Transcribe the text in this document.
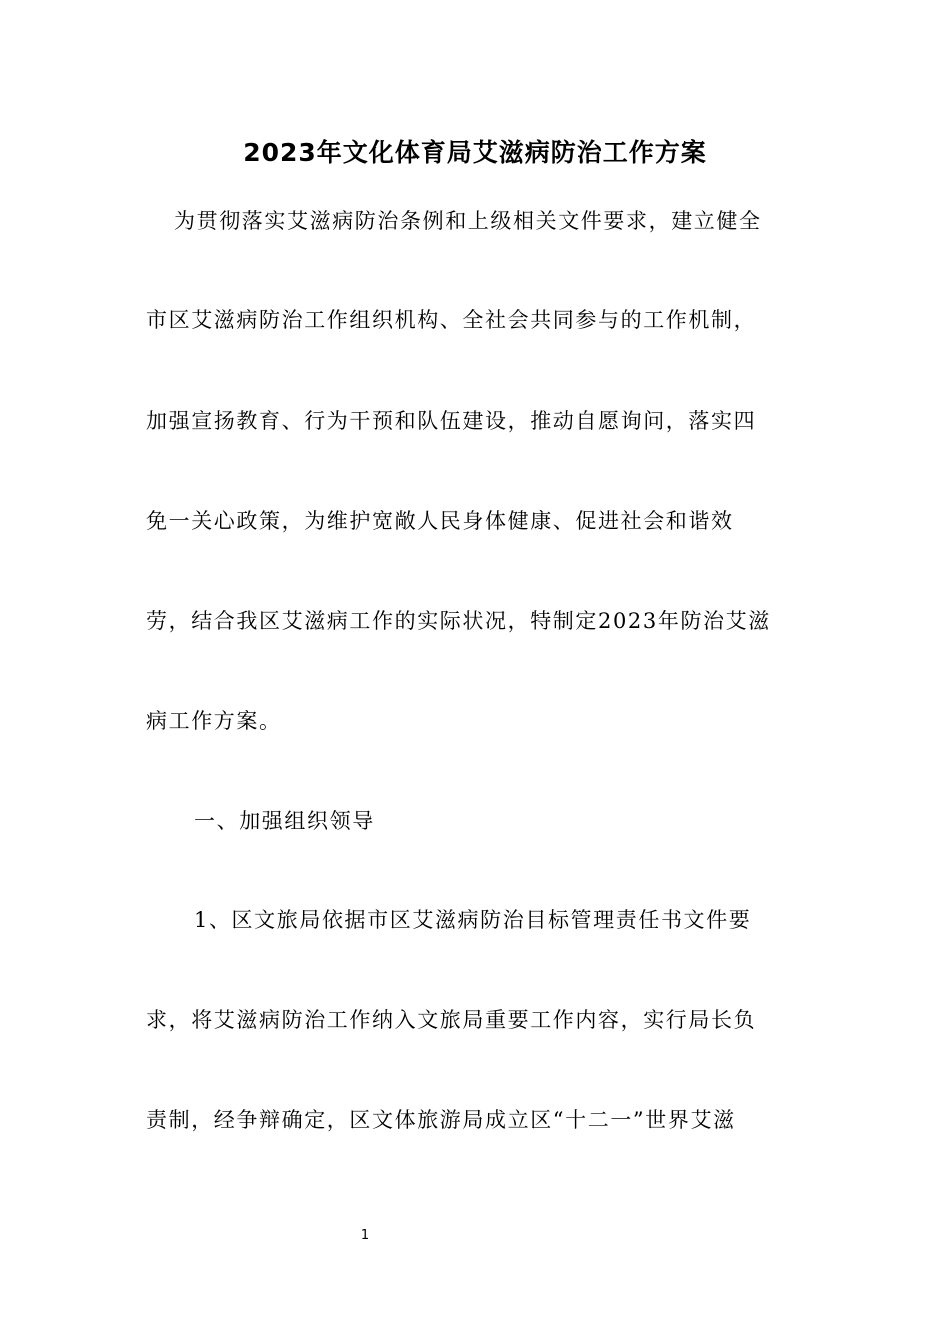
2023年文化体育局艾滋病防治工作方案
为贯彻落实艾滋病防治条例和上级相关文件要求，建立健全
市区艾滋病防治工作组织机构、全社会共同参与的工作机制，
加强宣扬教育、行为干预和队伍建设，推动自愿询问，落实四
免一关心政策，为维护宽敞人民身体健康、促进社会和谐效
劳，结合我区艾滋病工作的实际状况，特制定2023年防治艾滋
病工作方案。
一、加强组织领导
1、区文旅局依据市区艾滋病防治目标管理责任书文件要
求，将艾滋病防治工作纳入文旅局重要工作内容，实行局长负
责制，经争辩确定，区文体旅游局成立区“十二一”世界艾滋
1
